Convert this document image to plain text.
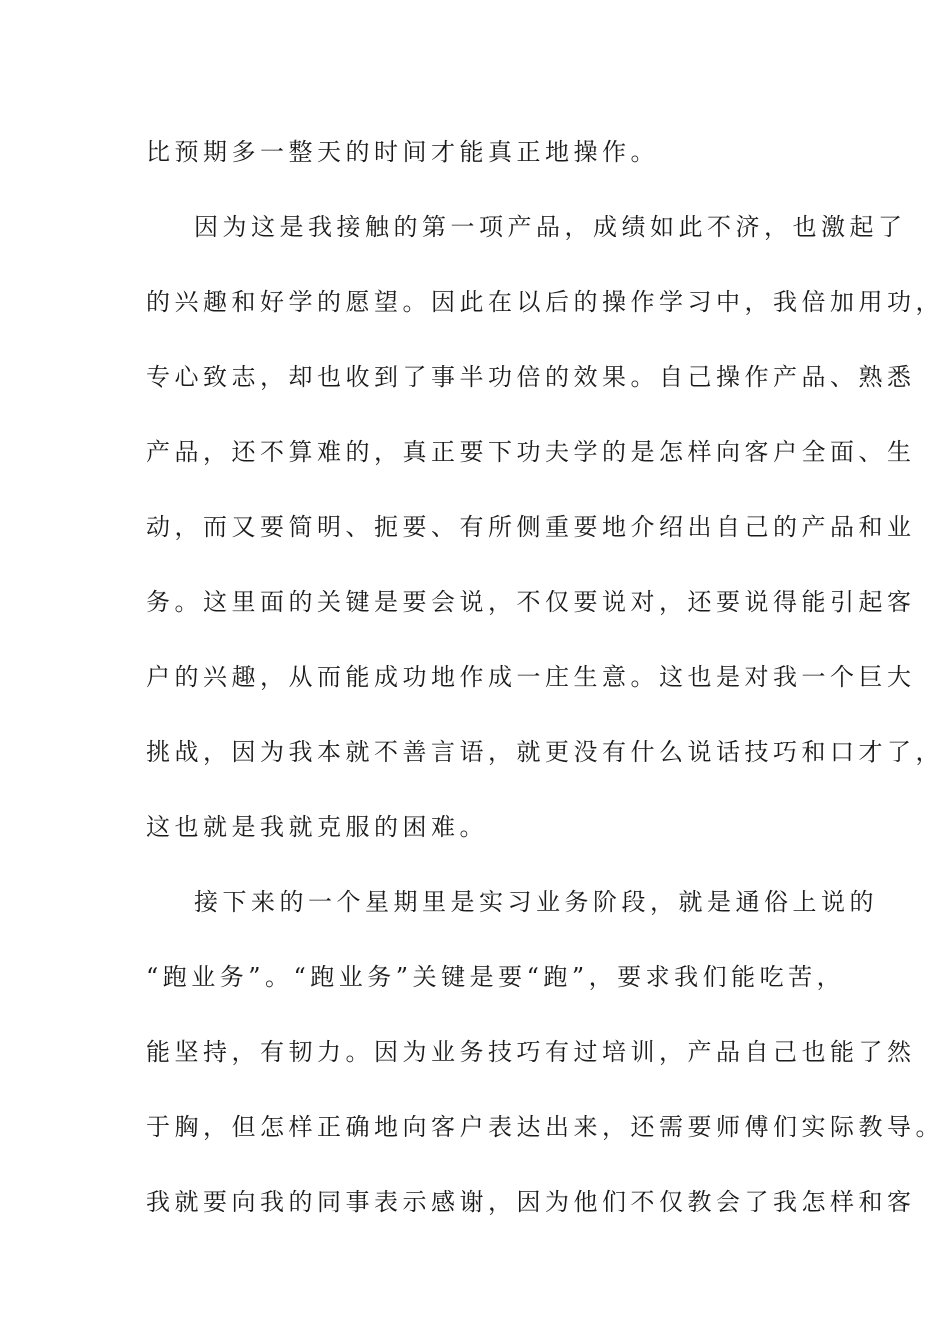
比预期多一整天的时间才能真正地操作。
因为这是我接触的第一项产品，成绩如此不济，也激起了
的兴趣和好学的愿望。因此在以后的操作学习中，我倍加用功，
专心致志，却也收到了事半功倍的效果。自己操作产品、熟悉
产品，还不算难的，真正要下功夫学的是怎样向客户全面、生
动，而又要简明、扼要、有所侧重要地介绍出自己的产品和业
务。这里面的关键是要会说，不仅要说对，还要说得能引起客
户的兴趣，从而能成功地作成一庄生意。这也是对我一个巨大
挑战，因为我本就不善言语，就更没有什么说话技巧和口才了，
这也就是我就克服的困难。
接下来的一个星期里是实习业务阶段，就是通俗上说的
“跑业务”。“跑业务”关键是要“跑”，要求我们能吃苦，
能坚持，有韧力。因为业务技巧有过培训，产品自己也能了然
于胸，但怎样正确地向客户表达出来，还需要师傅们实际教导。
我就要向我的同事表示感谢，因为他们不仅教会了我怎样和客
